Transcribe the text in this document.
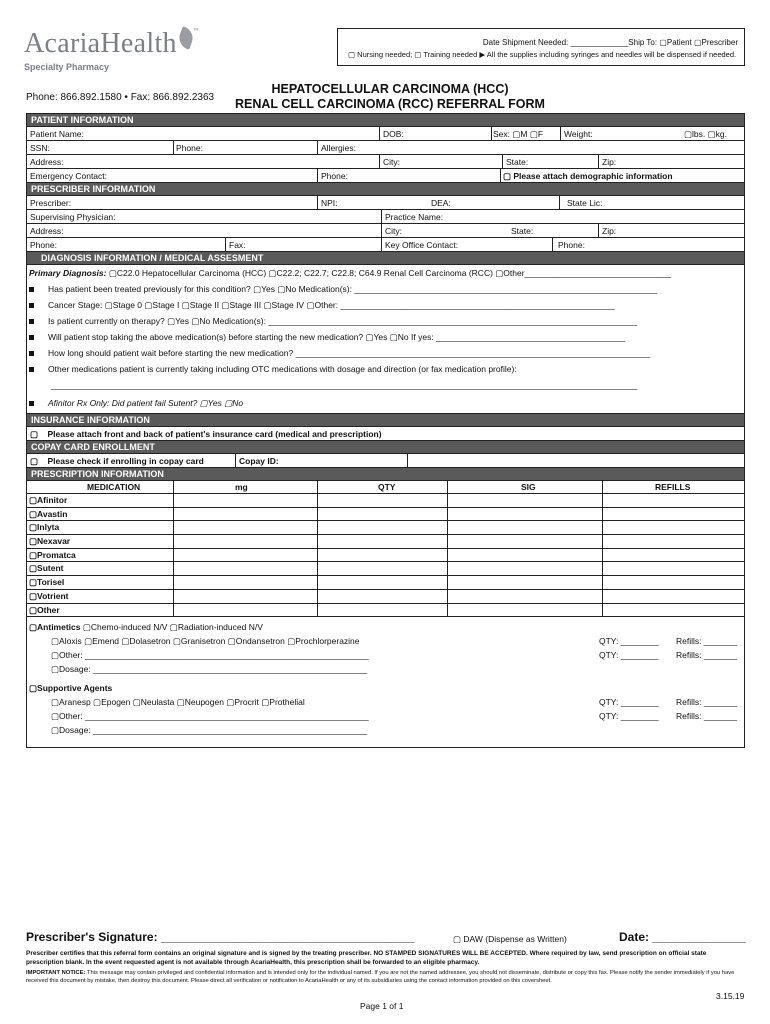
AcariaHealth	™
Specialty Pharmacy
Date Shipment Needed: _____________Ship To: ▢Patient ▢Prescriber
▢ Nursing needed; ▢ Training needed ▶ All the supplies including syringes and needles will be dispensed if needed.
Phone: 866.892.1580 • Fax: 866.892.2363
HEPATOCELLULAR CARCINOMA (HCC)
RENAL CELL CARCINOMA (RCC) REFERRAL FORM
PATIENT INFORMATION
Patient Name:	DOB:	Sex: ▢M ▢F Weight:	▢lbs. ▢kg.
SSN:	Phone:	Allergies:
Address:	City:	State:	Zip:
Emergency Contact:	Phone:	▢ Please attach demographic information
PRESCRIBER INFORMATION
Prescriber:	NPI:	DEA:	State Lic:
Supervising Physician:	Practice Name:
Address:	City:	State:	Zip:
Phone:	Fax:	Key Office Contact:	Phone:
DIAGNOSIS INFORMATION / MEDICAL ASSESMENT
Primary Diagnosis: ▢C22.0 Hepatocellular Carcinoma (HCC) ▢C22.2; C22.7; C22.8; C64.9 Renal Cell Carcinoma (RCC) ▢Other_______________________________
Has patient been treated previously for this condition? ▢Yes ▢No Medication(s): ________________________________________________________________
Cancer Stage: ▢Stage 0 ▢Stage I ▢Stage II ▢Stage III ▢Stage IV ▢Other: __________________________________________________________
Is patient currently on therapy? ▢Yes ▢No Medication(s): ______________________________________________________________________________
Will patient stop taking the above medication(s) before starting the new medication? ▢Yes ▢No If yes: ________________________________________
How long should patient wait before starting the new medication? ___________________________________________________________________________
Other medications patient is currently taking including OTC medications with dosage and direction (or fax medication profile):
____________________________________________________________________________________________________________________________
Afinitor Rx Only: Did patient fail Sutent? ▢Yes ▢No
INSURANCE INFORMATION
▢    Please attach front and back of patient's insurance card (medical and prescription)
COPAY CARD ENROLLMENT
▢    Please check if enrolling in copay card	Copay ID:
PRESCRIPTION INFORMATION
MEDICATION	mg	QTY	SIG	REFILLS
▢Afinitor
▢Avastin
▢Inlyta
▢Nexavar
▢Promatca
▢Sutent
▢Torisel
▢Votrient
▢Other
▢Antimetics ▢Chemo-induced N/V ▢Radiation-induced N/V
▢Aloxis ▢Emend ▢Dolasetron ▢Granisetron ▢Ondansetron ▢Prochlorperazine
▢Other: ____________________________________________________________
▢Dosage: __________________________________________________________
QTY: ________ Refills: _______
QTY: ________ Refills: _______
▢Supportive Agents
▢Aranesp ▢Epogen ▢Neulasta ▢Neupogen ▢Procrit ▢Prothelial
▢Other: ____________________________________________________________
▢Dosage: __________________________________________________________
QTY: ________ Refills: _______
QTY: ________ Refills: _______
Prescriber's Signature: ______________________________________	▢ DAW (Dispense as Written)	Date: ______________
Prescriber certifies that this referral form contains an original signature and is signed by the treating prescriber. NO STAMPED SIGNATURES WILL BE ACCEPTED. Where required by law, send prescription on official state prescription blank. In the event requested agent is not available through AcariaHealth, this prescription shall be forwarded to an eligible pharmacy.
IMPORTANT NOTICE: This message may contain privileged and confidential information and is intended only for the individual named. If you are not the named addressee, you should not disseminate, distribute or copy this fax. Please notify the sender immediately if you have received this document by mistake, then destroy this document. Please direct all verification or notification to AcariaHealth or any of its subsidiaries using the contact information provided on this coversheet.
3.15.19
Page 1 of 1
